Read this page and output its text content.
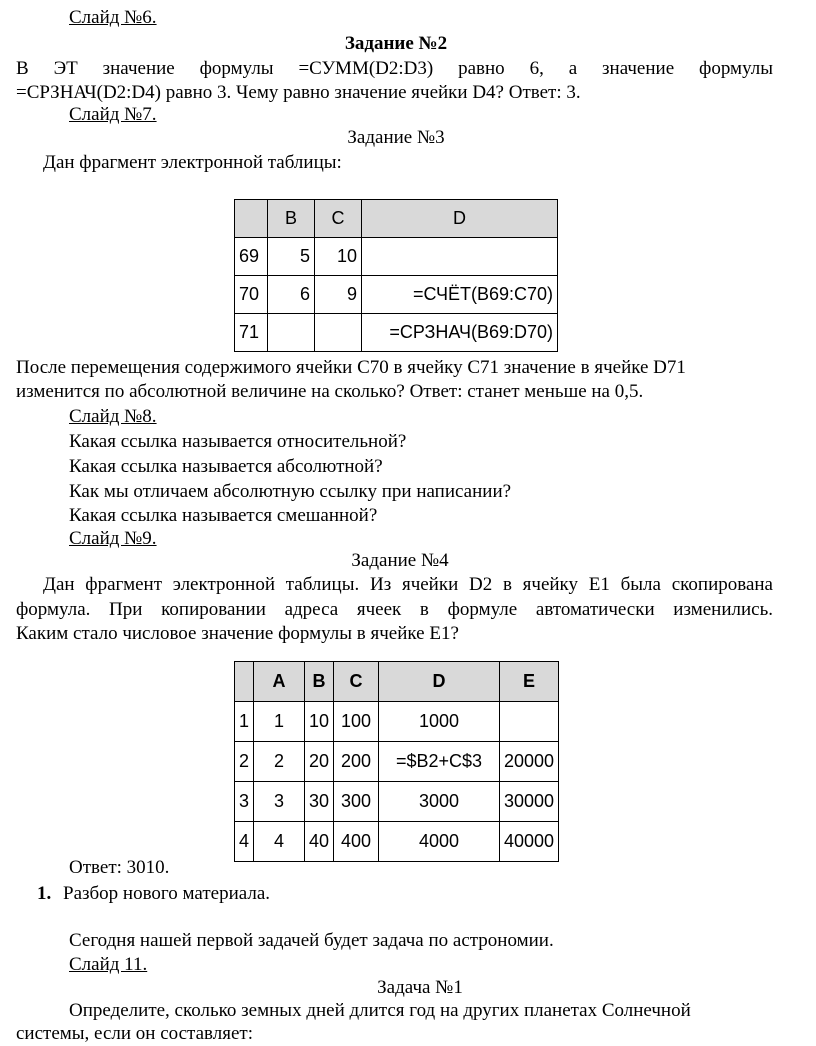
Слайд №6.
Задание №2
В ЭТ значение формулы =СУММ(D2:D3) равно 6, а значение формулы
=СРЗНАЧ(D2:D4) равно 3. Чему равно значение ячейки D4? Ответ: 3.
Слайд №7.
Задание №3
Дан фрагмент электронной таблицы:
	B	C	D
69	5	10	
70	6	9	=СЧЁТ(B69:C70)
71			=СРЗНАЧ(B69:D70)
После перемещения содержимого ячейки C70 в ячейку C71 значение в ячейке D71
изменится по абсолютной величине на сколько? Ответ: станет меньше на 0,5.
Слайд №8.
Какая ссылка называется относительной?
Какая ссылка называется абсолютной?
Как мы отличаем абсолютную ссылку при написании?
Какая ссылка называется смешанной?
Слайд №9.
Задание №4
Дан фрагмент электронной таблицы. Из ячейки D2 в ячейку E1 была скопирована
формула. При копировании адреса ячеек в формуле автоматически изменились.
Каким стало числовое значение формулы в ячейке E1?
	A	B	C	D	E
1	1	10	100	1000	
2	2	20	200	=$B2+C$3	20000
3	3	30	300	3000	30000
4	4	40	400	4000	40000
Ответ: 3010.
1. Разбор нового материала.
Сегодня нашей первой задачей будет задача по астрономии.
Слайд 11.
Задача №1
Определите, сколько земных дней длится год на других планетах Солнечной
системы, если он составляет:
